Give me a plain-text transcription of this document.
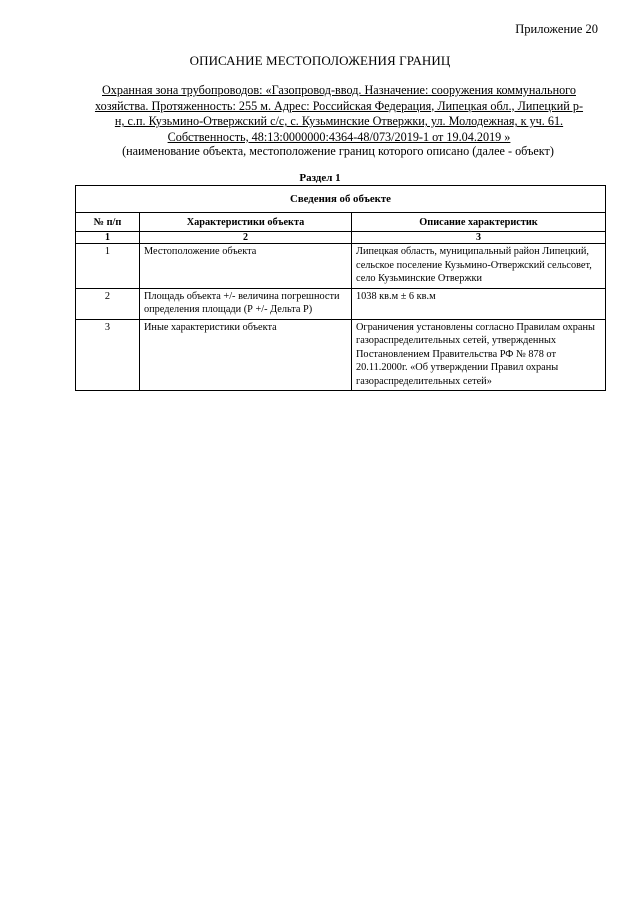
Приложение 20
ОПИСАНИЕ МЕСТОПОЛОЖЕНИЯ ГРАНИЦ
Охранная зона трубопроводов: «Газопровод-ввод. Назначение: сооружения коммунального
хозяйства. Протяженность: 255 м. Адрес: Российская Федерация, Липецкая обл., Липецкий р-
н, с.п. Кузьмино-Отвержский с/с, с. Кузьминские Отвержки, ул. Молодежная, к уч. 61.
Собственность, 48:13:0000000:4364-48/073/2019-1 от 19.04.2019 »
(наименование объекта, местоположение границ которого описано (далее - объект)
Раздел 1
Сведения об объекте		
№ п/п	Характеристики объекта	Описание характеристик
1	2	3
1	Местоположение объекта	Липецкая область, муниципальный район Липецкий, сельское поселение Кузьмино-Отвержский сельсовет, село Кузьминские Отвержки
2	Площадь объекта +/- величина погрешности определения площади (Р +/- Дельта Р)	1038 кв.м ± 6 кв.м
3	Иные характеристики объекта	Ограничения установлены согласно Правилам охраны газораспределительных сетей, утвержденных Постановлением Правительства РФ № 878 от 20.11.2000г. «Об утверждении Правил охраны газораспределительных сетей»
